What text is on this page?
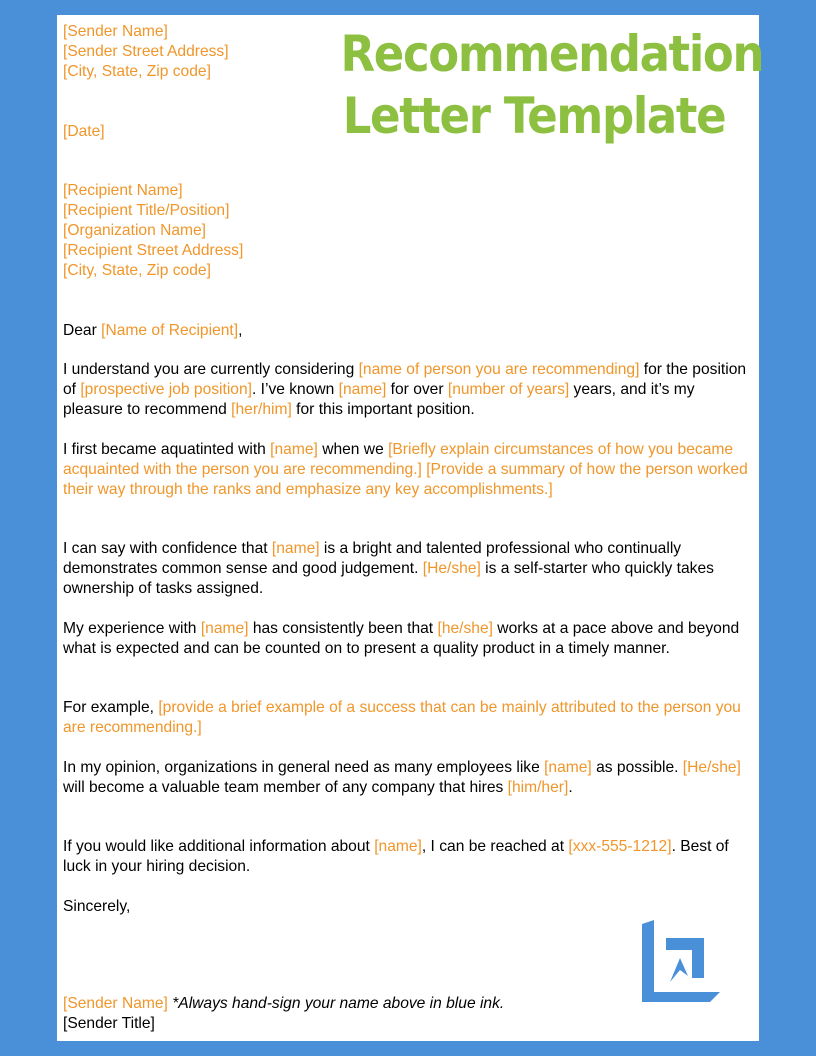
Recommendation
Letter Template
[Sender Name]
[Sender Street Address]
[City, State, Zip code]
[Date]
[Recipient Name]
[Recipient Title/Position]
[Organization Name]
[Recipient Street Address]
[City, State, Zip code]

Dear [Name of Recipient],

I understand you are currently considering [name of person you are recommending] for the position of [prospective job position]. I’ve known [name] for over [number of years] years, and it’s my pleasure to recommend [her/him] for this important position.

I first became aquatinted with [name] when we [Briefly explain circumstances of how you became acquainted with the person you are recommending.] [Provide a summary of how the person worked their way through the ranks and emphasize any key accomplishments.]

I can say with confidence that [name] is a bright and talented professional who continually demonstrates common sense and good judgement. [He/she] is a self-starter who quickly takes ownership of tasks assigned.

My experience with [name] has consistently been that [he/she] works at a pace above and beyond what is expected and can be counted on to present a quality product in a timely manner.

For example, [provide a brief example of a success that can be mainly attributed to the person you are recommending.]

In my opinion, organizations in general need as many employees like [name] as possible. [He/she] will become a valuable team member of any company that hires [him/her].

If you would like additional information about [name], I can be reached at [xxx-555-1212]. Best of luck in your hiring decision.

Sincerely,

[Sender Name] *Always hand-sign your name above in blue ink.

[Sender Title]
